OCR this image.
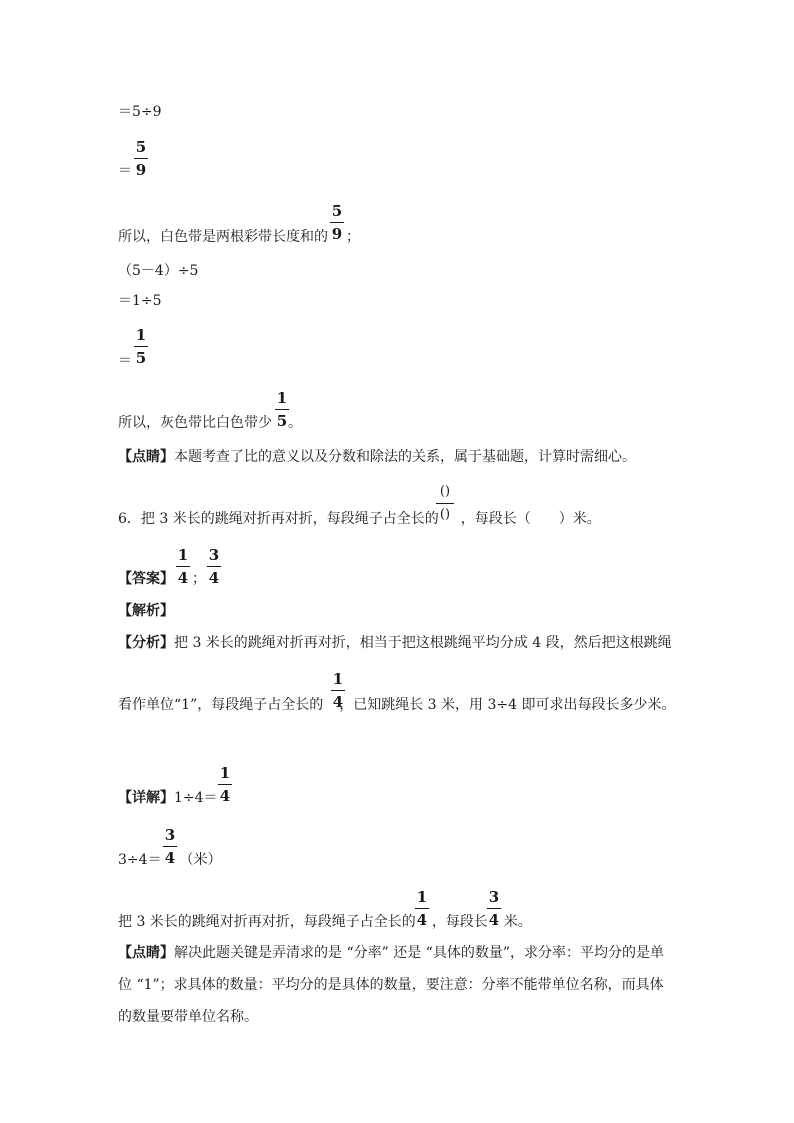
＝5÷9
＝ $\frac{5}{9}$
所以，白色带是两根彩带长度和的 ；
$\frac{5}{9}$
（5－4）÷5
＝1÷5
＝ $\frac{1}{5}$
所以，灰色带比白色带少 。
$\frac{1}{5}$
【点睛】本题考查了比的意义以及分数和除法的关系，属于基础题，计算时需细心。
6．把 3 米长的跳绳对折再对折，每段绳子占全长的 ，每段长（　　）米。
()
()
【答案】 ；
$\frac{1}{4} \frac{3}{4}$
【解析】
【分析】把 3 米长的跳绳对折再对折，相当于把这根跳绳平均分成 4 段，然后把这根跳绳
看作单位“1”，每段绳子占全长的 ，已知跳绳长 3 米，用 3÷4 即可求出每段长多少米。
$\frac{1}{4}$
【详解】$1\div 4= \frac{1}{4}$
3÷4＝ （米）
$\frac{3}{4}$
把 3 米长的跳绳对折再对折，每段绳子占全长的 ，每段长 米。
$\frac{1}{4}$	$\frac{3}{4}$
【点睛】解决此题关键是弄清求的是 “分率” 还是 “具体的数量”，求分率：平均分的是单
位 “1”；求具体的数量：平均分的是具体的数量，要注意：分率不能带单位名称，而具体
的数量要带单位名称。
